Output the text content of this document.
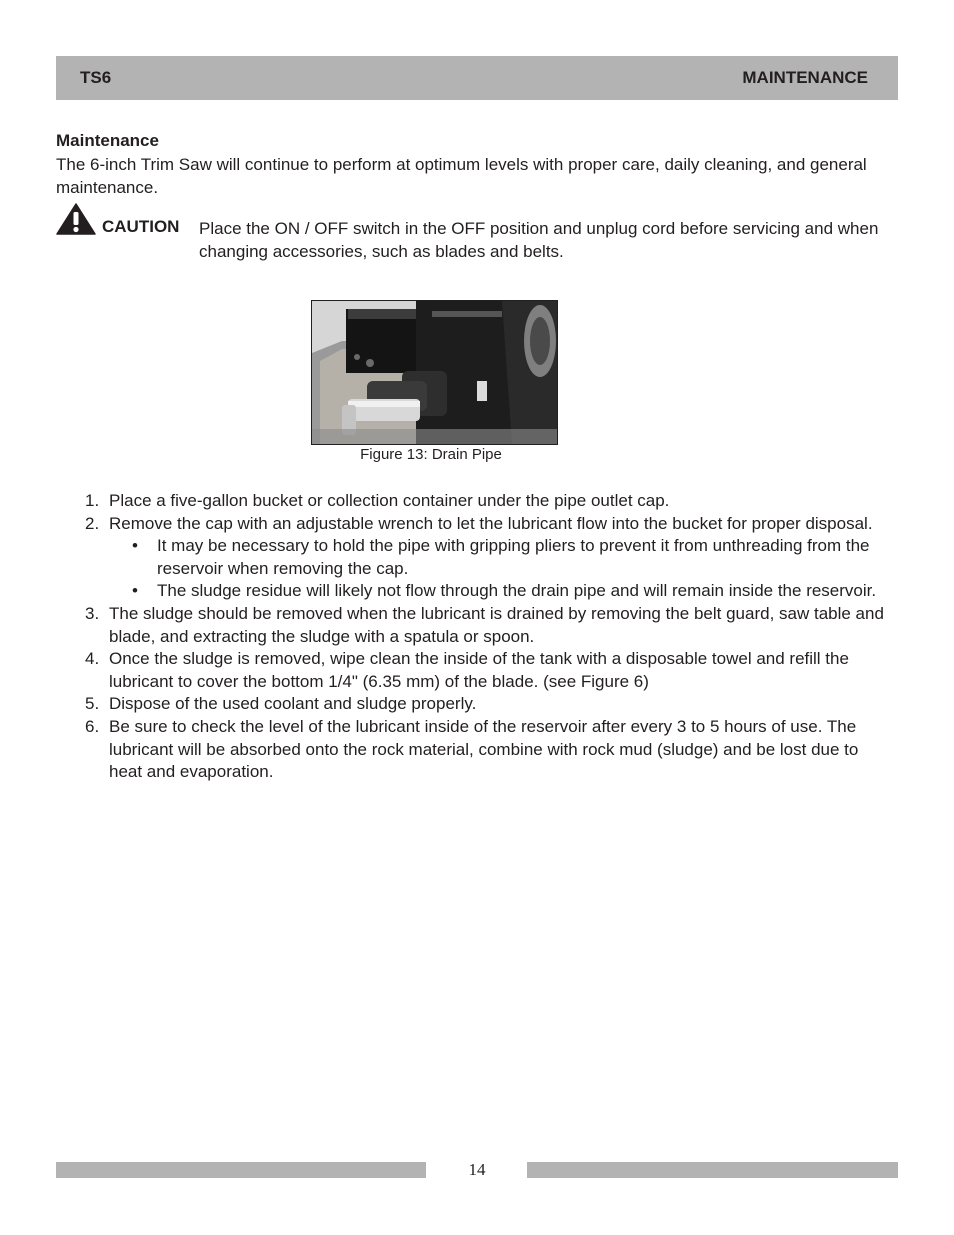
TS6	MAINTENANCE
Maintenance
The 6-inch Trim Saw will continue to perform at optimum levels with proper care, daily cleaning, and general maintenance.
CAUTION Place the ON / OFF switch in the OFF position and unplug cord before servicing and when changing accessories, such as blades and belts.
Figure 13: Drain Pipe
1. Place a five-gallon bucket or collection container under the pipe outlet cap.
2. Remove the cap with an adjustable wrench to let the lubricant flow into the bucket for proper disposal.
• It may be necessary to hold the pipe with gripping pliers to prevent it from unthreading from the reservoir when removing the cap.
• The sludge residue will likely not flow through the drain pipe and will remain inside the reservoir.
3. The sludge should be removed when the lubricant is drained by removing the belt guard, saw table and blade, and extracting the sludge with a spatula or spoon.
4. Once the sludge is removed, wipe clean the inside of the tank with a disposable towel and refill the lubricant to cover the bottom 1/4" (6.35 mm) of the blade. (see Figure 6)
5. Dispose of the used coolant and sludge properly.
6. Be sure to check the level of the lubricant inside of the reservoir after every 3 to 5 hours of use. The lubricant will be absorbed onto the rock material, combine with rock mud (sludge) and be lost due to heat and evaporation.
14
